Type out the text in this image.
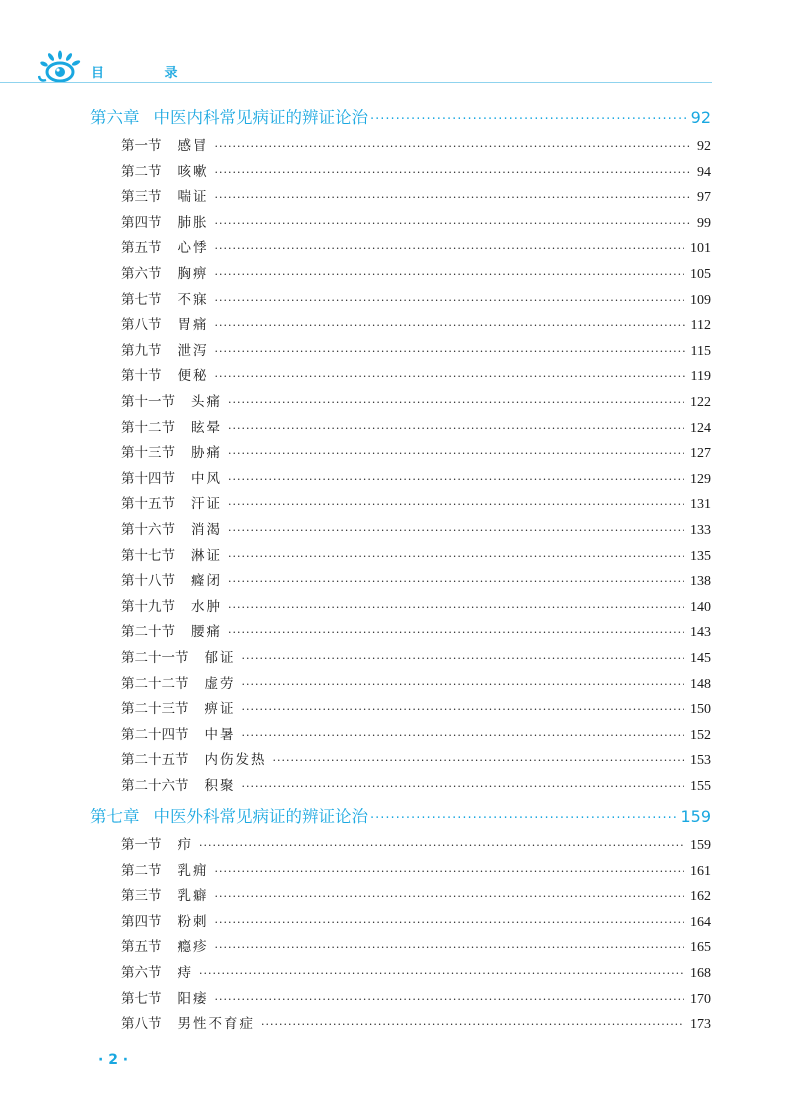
目 录
第六章 中医内科常见病证的辨证论治 ·····	92
第一节 感冒 ·····	92
第二节 咳嗽 ·····	94
第三节 喘证 ·····	97
第四节 肺胀 ·····	99
第五节 心悸 ·····	101
第六节 胸痹 ·····	105
第七节 不寐 ·····	109
第八节 胃痛 ·····	112
第九节 泄泻 ·····	115
第十节 便秘 ·····	119
第十一节 头痛 ·····	122
第十二节 眩晕 ·····	124
第十三节 胁痛 ·····	127
第十四节 中风 ·····	129
第十五节 汗证 ·····	131
第十六节 消渴 ·····	133
第十七节 淋证 ·····	135
第十八节 癃闭 ·····	138
第十九节 水肿 ·····	140
第二十节 腰痛 ·····	143
第二十一节 郁证 ·····	145
第二十二节 虚劳 ·····	148
第二十三节 痹证 ·····	150
第二十四节 中暑 ·····	152
第二十五节 内伤发热 ·····	153
第二十六节 积聚 ·····	155
第七章 中医外科常见病证的辨证论治 ·····	159
第一节 疖 ·····	159
第二节 乳痈 ·····	161
第三节 乳癖 ·····	162
第四节 粉刺 ·····	164
第五节 瘾疹 ·····	165
第六节 痔 ·····	168
第七节 阳痿 ·····	170
第八节 男性不育症 ·····	173
· 2 ·
